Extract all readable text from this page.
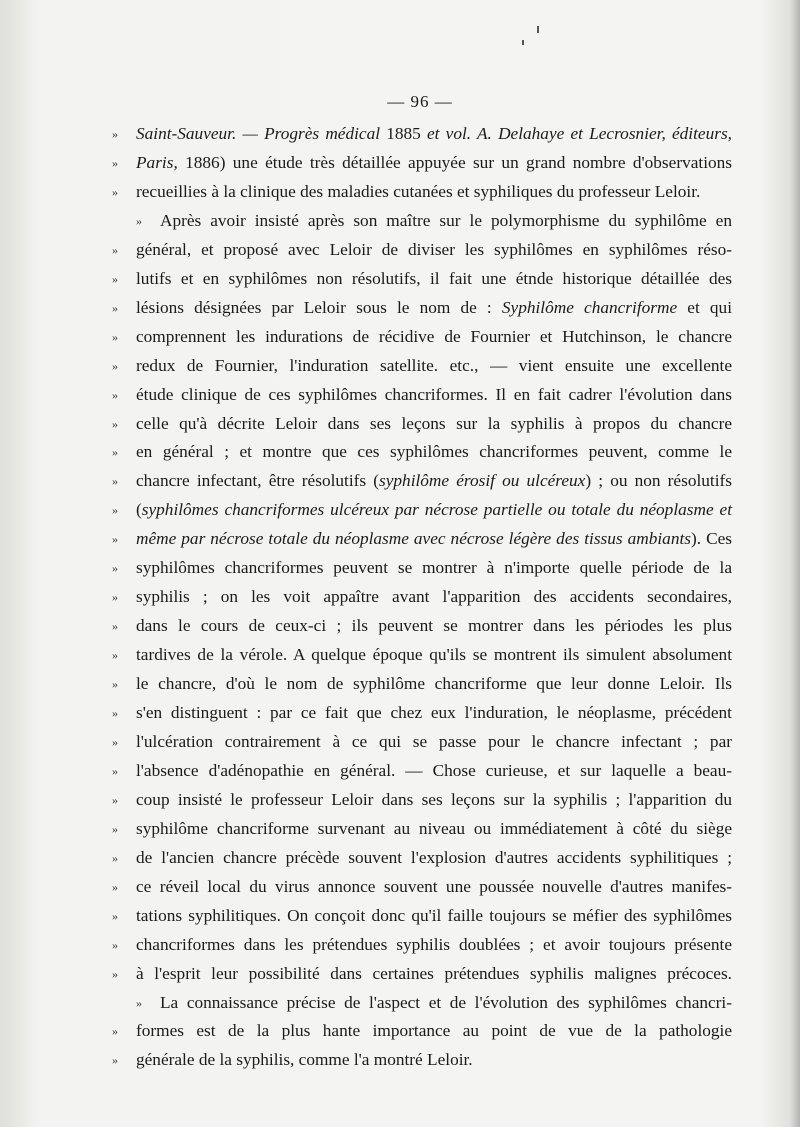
— 96 —
»	Saint-Sauveur. — Progrès médical 1885 et vol. A. Delahaye et Lecrosnier, éditeurs,
»	Paris, 1886) une étude très détaillée appuyée sur un grand nombre d'observations
»	recueillies à la clinique des maladies cutanées et syphiliques du professeur Leloir.
»	Après avoir insisté après son maître sur le polymorphisme du syphilôme en
»	général, et proposé avec Leloir de diviser les syphilômes en syphilômes réso-
»	lutifs et en syphilômes non résolutifs, il fait une étnde historique détaillée des
»	lésions désignées par Leloir sous le nom de : Syphilôme chancriforme et qui
»	comprennent les indurations de récidive de Fournier et Hutchinson, le chancre
»	redux de Fournier, l'induration satellite. etc., — vient ensuite une excellente
»	étude clinique de ces syphilômes chancriformes. Il en fait cadrer l'évolution dans
»	celle qu'à décrite Leloir dans ses leçons sur la syphilis à propos du chancre
»	en général ; et montre que ces syphilômes chancriformes peuvent, comme le
»	chancre infectant, être résolutifs (syphilôme érosif ou ulcéreux) ; ou non résolutifs
»	(syphilômes chancriformes ulcéreux par nécrose partielle ou totale du néoplasme et
»	même par nécrose totale du néoplasme avec nécrose légère des tissus ambiants). Ces
»	syphilômes chancriformes peuvent se montrer à n'importe quelle période de la
»	syphilis ; on les voit appaître avant l'apparition des accidents secondaires,
»	dans le cours de ceux-ci ; ils peuvent se montrer dans les périodes les plus
»	tardives de la vérole. A quelque époque qu'ils se montrent ils simulent absolument
»	le chancre, d'où le nom de syphilôme chancriforme que leur donne Leloir. Ils
»	s'en distinguent : par ce fait que chez eux l'induration, le néoplasme, précédent
»	l'ulcération contrairement à ce qui se passe pour le chancre infectant ; par
»	l'absence d'adénopathie en général. — Chose curieuse, et sur laquelle a beau-
»	coup insisté le professeur Leloir dans ses leçons sur la syphilis ; l'apparition du
»	syphilôme chancriforme survenant au niveau ou immédiatement à côté du siège
»	de l'ancien chancre précède souvent l'explosion d'autres accidents syphilitiques ;
»	ce réveil local du virus annonce souvent une poussée nouvelle d'autres manifes-
»	tations syphilitiques. On conçoit donc qu'il faille toujours se méfier des syphilômes
»	chancriformes dans les prétendues syphilis doublées ; et avoir toujours présente
»	à l'esprit leur possibilité dans certaines prétendues syphilis malignes précoces.
»	La connaissance précise de l'aspect et de l'évolution des syphilômes chancri-
»	formes est de la plus hante importance au point de vue de la pathologie
»	générale de la syphilis, comme l'a montré Leloir.
